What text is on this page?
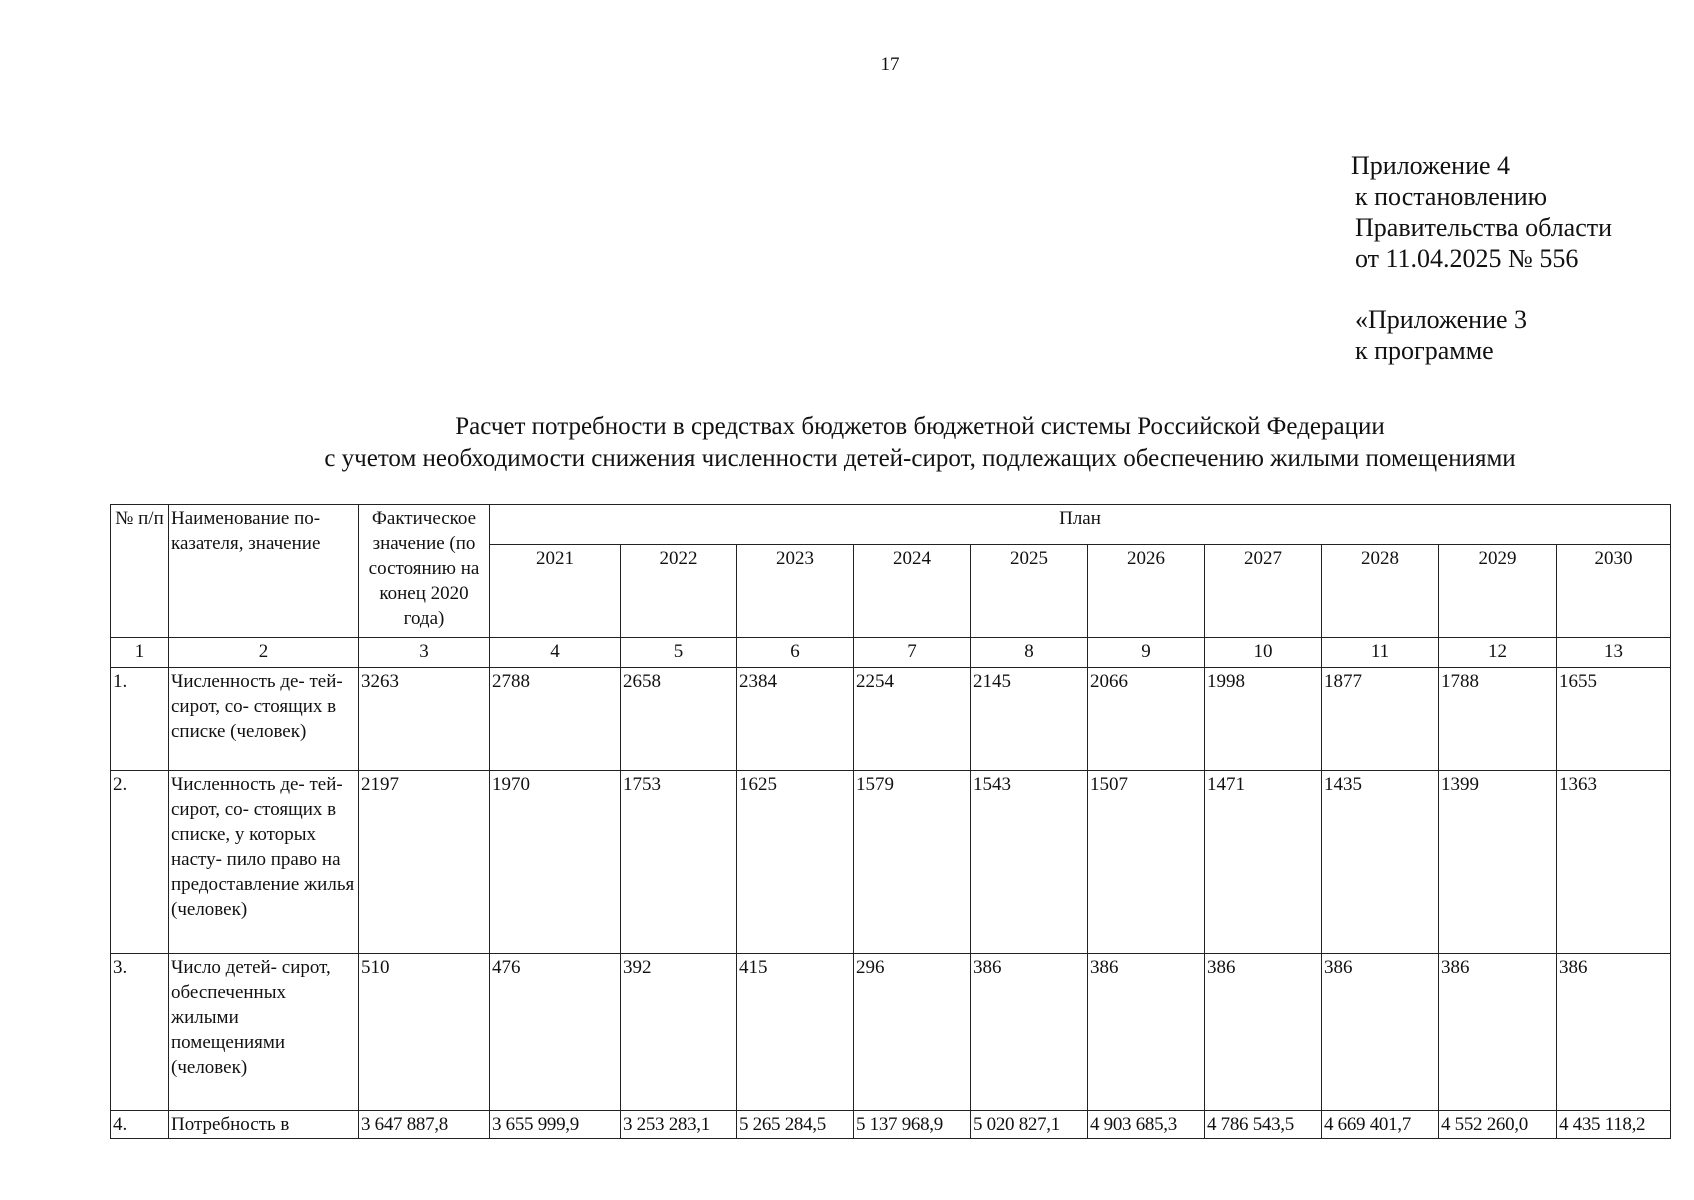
17
Приложение 4
к постановлению
Правительства области
от 11.04.2025 № 556
«Приложение 3
к программе
Расчет потребности в средствах бюджетов бюджетной системы Российской Федерации
с учетом необходимости снижения численности детей-сирот, подлежащих обеспечению жилыми помещениями
№ п/п	Наименование по- казателя, значение	Фактическое значение (по состоянию на конец 2020 года)	План									
			2021	2022	2023	2024	2025	2026	2027	2028	2029	2030
1	2	3	4	5	6	7	8	9	10	11	12	13
1.	Численность де- тей-сирот, со- стоящих в списке (человек)	3263	2788	2658	2384	2254	2145	2066	1998	1877	1788	1655
2.	Численность де- тей-сирот, со- стоящих в списке, у которых насту- пило право на предоставление жилья (человек)	2197	1970	1753	1625	1579	1543	1507	1471	1435	1399	1363
3.	Число детей- сирот, обеспеченных жилыми помещениями (человек)	510	476	392	415	296	386	386	386	386	386	386
4.	Потребность в	3 647 887,8	3 655 999,9	3 253 283,1	5 265 284,5	5 137 968,9	5 020 827,1	4 903 685,3	4 786 543,5	4 669 401,7	4 552 260,0	4 435 118,2
